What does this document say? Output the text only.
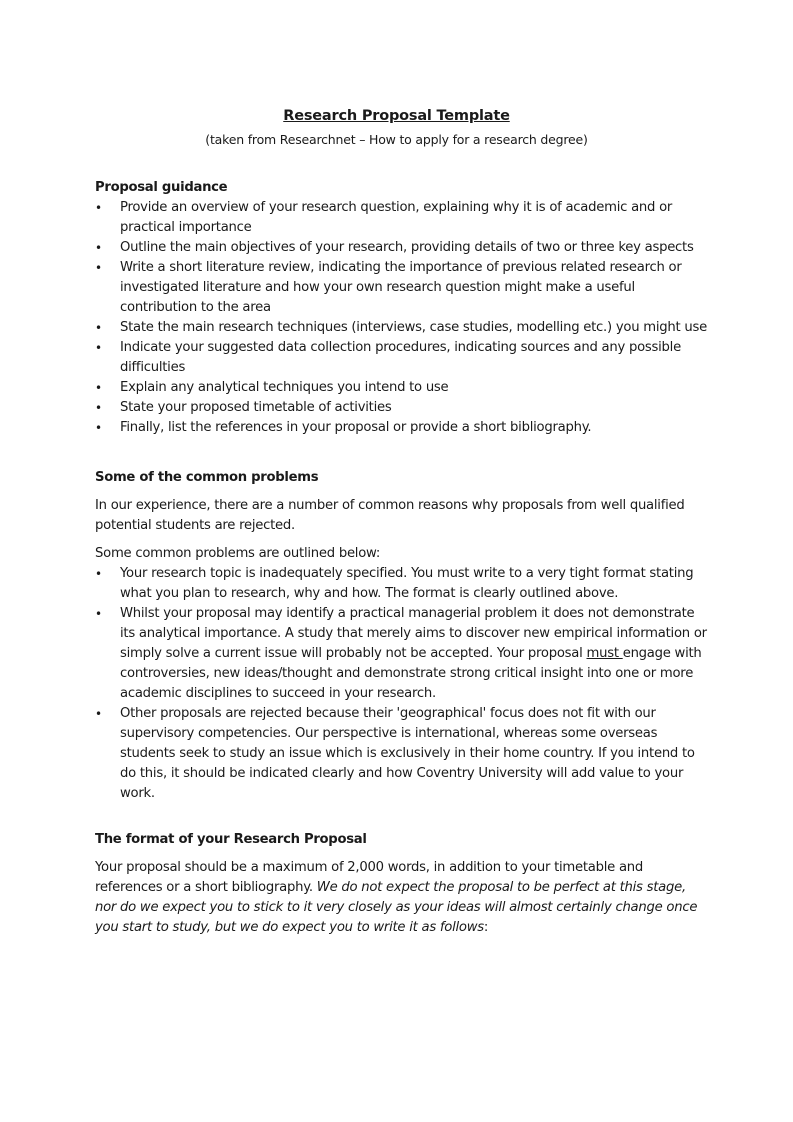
Research Proposal Template
(taken from Researchnet – How to apply for a research degree)
Proposal guidance
• Provide an overview of your research question, explaining why it is of academic and or practical importance
• Outline the main objectives of your research, providing details of two or three key aspects
• Write a short literature review, indicating the importance of previous related research or investigated literature and how your own research question might make a useful contribution to the area
• State the main research techniques (interviews, case studies, modelling etc.) you might use
• Indicate your suggested data collection procedures, indicating sources and any possible difficulties
• Explain any analytical techniques you intend to use
• State your proposed timetable of activities
• Finally, list the references in your proposal or provide a short bibliography.
Some of the common problems

In our experience, there are a number of common reasons why proposals from well qualified potential students are rejected.

Some common problems are outlined below:

• Your research topic is inadequately specified. You must write to a very tight format stating what you plan to research, why and how. The format is clearly outlined above.
• Whilst your proposal may identify a practical managerial problem it does not demonstrate its analytical importance. A study that merely aims to discover new empirical information or simply solve a current issue will probably not be accepted. Your proposal must engage with controversies, new ideas/thought and demonstrate strong critical insight into one or more academic disciplines to succeed in your research.
• Other proposals are rejected because their 'geographical' focus does not fit with our supervisory competencies. Our perspective is international, whereas some overseas students seek to study an issue which is exclusively in their home country. If you intend to do this, it should be indicated clearly and how Coventry University will add value to your work.
The format of your Research Proposal

Your proposal should be a maximum of 2,000 words, in addition to your timetable and references or a short bibliography. We do not expect the proposal to be perfect at this stage, nor do we expect you to stick to it very closely as your ideas will almost certainly change once you start to study, but we do expect you to write it as follows:
